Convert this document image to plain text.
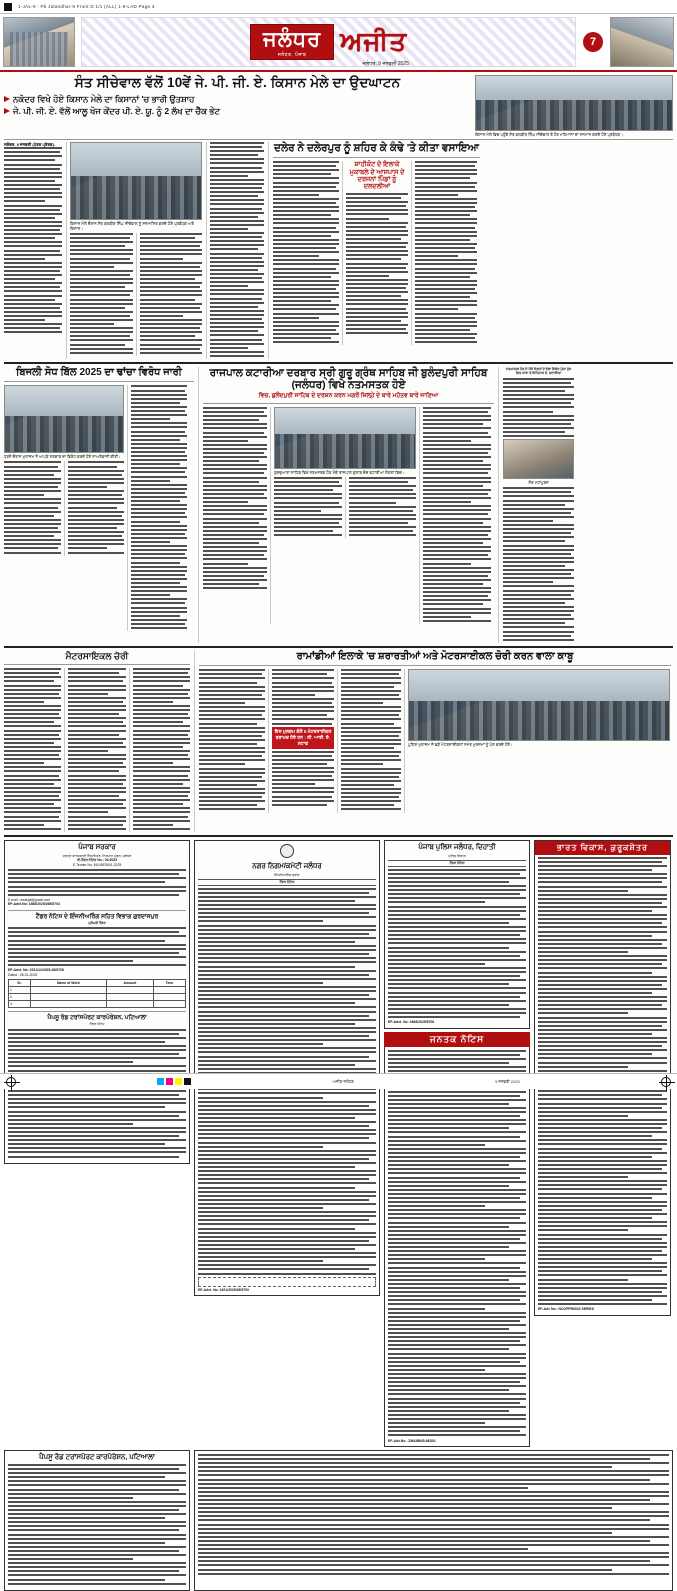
1-JAL-9 : Pb Jalandhar-9 Front D 1/1 (ALL) 1-9-LAD Page 3
ਜਲੰਧਰ
ਜਲੰਧਰ, ਪੰਜਾਬ	ਅਜੀਤ
ਜਲੰਧਰ, 9 ਜਨਵਰੀ 2025
7
ਸੰਤ ਸੀਚੇਵਾਲ ਵੱਲੋਂ 10ਵੇਂ ਜੇ. ਪੀ. ਜੀ. ਏ. ਕਿਸਾਨ ਮੇਲੇ ਦਾ ਉਦਘਾਟਨ
ਨਕੋਦਰ ਵਿਖੇ ਹੋਏ ਕਿਸਾਨ ਮੇਲੇ ਦਾ ਕਿਸਾਨਾਂ 'ਚ ਭਾਰੀ ਉਤਸ਼ਾਹ
ਜੇ. ਪੀ. ਜੀ. ਏ. ਵੱਲੋਂ ਆਲੂ ਖੋਜ ਕੇਂਦਰ ਪੀ. ਏ. ਯੂ. ਨੂੰ 2 ਲੱਖ ਦਾ ਚੈੱਕ ਭੇਟ
ਕਿਸਾਨ ਮੇਲੇ ਵਿਚ ਪਹੁੰਚੇ ਸੰਤ ਬਲਬੀਰ ਸਿੰਘ ਸੀਚੇਵਾਲ ਤੇ ਹੋਰ ਮਹਿਮਾਨਾਂ ਦਾ ਸਨਮਾਨ ਕਰਦੇ ਹੋਏ ਪ੍ਰਬੰਧਕ।
ਨਕੋਦਰ, 8 ਜਨਵਰੀ (ਪੱਤਰ ਪ੍ਰੇਰਕ)-
ਕਿਸਾਨ ਮੇਲੇ ਦੌਰਾਨ ਸੰਤ ਬਲਬੀਰ ਸਿੰਘ ਸੀਚੇਵਾਲ ਨੂੰ ਸਨਮਾਨਿਤ ਕਰਦੇ ਹੋਏ ਪ੍ਰਬੰਧਕ ਅਤੇ ਕਿਸਾਨ।
ਦਲੇਰ ਨੇ ਦਲੇਰਪੁਰ ਨੂੰ ਸ਼ਹਿਰ ਕੇ ਕੰਢੇ 'ਤੇ ਕੀਤਾ ਵਸਾਇਆ
ਸ਼ਾਹੀਕੋਟ ਦੇ ਇਲਾਕੇ ਮੁਕਾਬਲੇ ਦੇ ਆਸਪਾਸ ਦੇ ਦਰਜਨਾਂ ਪਿੰਡਾਂ ਨੂੰ ਦਲਦਲੀਆਂ
ਬਿਜਲੀ ਸੋਧ ਬਿੱਲ 2025 ਦਾ ਢਾਂਚਾ ਵਿਰੋਧ ਜਾਰੀ
ਧਰਨੇ ਦੌਰਾਨ ਮੁਲਾਜ਼ਮ ਨੇ ਆਪਣੇ ਸਰਕਾਰ ਦਾ ਵਿਰੋਧ ਕਰਦੇ ਹੋਏ ਨਾਅਰੇਬਾਜ਼ੀ ਕੀਤੀ।
ਰਾਜਪਾਲ ਕਟਾਰੀਆ ਦਰਬਾਰ ਸ੍ਰੀ ਗੁਰੂ ਗ੍ਰੰਥ ਸਾਹਿਬ ਜੀ ਬੁਲੰਦਪੁਰੀ ਸਾਹਿਬ (ਜਲੰਧਰ) ਵਿਖੇ ਨਤਮਸਤਕ ਹੋਏ
ਵਿਚ, ਬੁਲੰਦਪੁਰੀ ਸਾਹਿਬ ਦੇ ਦਰਸ਼ਨ ਕਰਨ ਮਗਰੋਂ ਜ਼ਿਲ੍ਹੇ ਦੇ ਬਾਰੇ ਮਹੱਤਵ ਬਾਰੇ ਜਾਣਿਆ
ਗੁਰਦੁਆਰਾ ਸਾਹਿਬ ਵਿਖੇ ਨਤਮਸਤਕ ਹੋਣ ਮੌਕੇ ਰਾਜਪਾਲ ਗੁਲਾਬ ਚੰਦ ਕਟਾਰੀਆ ਸੰਗਤਾਂ ਵਿਚ।
ਨਤਮਸਤਕ ਹੋਣ ਦੇ ਮੌਕੇ ਸੰਗਤਾਂ ਦੇ ਵੱਡਾ ਇਕੱਠ ਪੁੱਜਾ ਮੁੱਖ ਸਿਖ ਧਾਰਾ ਤੇ ਇਤਿਹਾਸ ਜੋ. ਕਟਾਰੀਆ
ਸੰਤ ਮਹਾਂਪੁਰਸ਼
ਮੈਟਰਸਾਇਕਲ ਚੋਰੀ	ਰਾਮਾਂਡੀਆਂ ਇਲਾਕੇ 'ਚ ਸ਼ਰਾਰਤੀਆਂ ਅਤੇ ਮੋਟਰਸਾਈਕਲ ਚੋਰੀ ਕਰਨ ਵਾਲਾ ਕਾਬੂ
ਇਸ ਮੁਲਜ਼ਮ ਕੋਲੋਂ 5 ਮੋਟਰਸਾਈਕਲ ਬਰਾਮਦ ਹੋਏ ਹਨ : ਸੀ. ਆਈ. ਏ. ਸਟਾਫ	ਪੁਲਿਸ ਮੁਲਾਜ਼ਮ ਨੇ ਫੜੇ ਮੋਟਰਸਾਈਕਲਾਂ ਸਮੇਤ ਮੁਲਜ਼ਮਾਂ ਨੂੰ ਪੇਸ਼ ਕਰਦੇ ਹੋਏ।
ਪੰਜਾਬ ਸਰਕਾਰ
ਦਫ਼ਤਰ ਕਾਰਜਕਾਰੀ ਇੰਜਨੀਅਰ, ਨਿਰਮਾਣ ਮੰਡਲ, ਜਲੰਧਰ
ਈ-ਟੈਂਡਰ ਨੋਟਿਸ No.: 01/2025
E-Tender No: MJLB/EB/01-2025
E-mail : eedbjal@gmail.com
EP-Advt.No: 1868/2025/265/5704
ਟੈਂਡਰ ਨੋਟਿਸ ਦੇ ਇੰਜਨੀਅਰਿੰਗ ਸਹਿਤ ਵਿਭਾਗ ਗੁਰਦਾਸਪੁਰ
ਮੁਰੰਮਤੀ ਟੈਂਡਰ
EP-Advt. No: 2231/12/2025-26/5708
Dated : 06-01-2025
Sr.	Name of Work	Amount	Time
1			
2			
3			
ਪੈਪਸੂ ਰੋਡ ਟਰਾਂਸਪੋਰਟ ਕਾਰਪੋਰੇਸ਼ਨ, ਪਟਿਆਲਾ
ਟੈਂਡਰ ਨੋਟਿਸ
ਨਗਰ ਨਿਗਮ/ਕਮੇਟੀ ਜਲੰਧਰ
ਇੰਜਨੀਅਰਿੰਗ ਬ੍ਰਾਂਚ
ਟੈਂਡਰ ਨੋਟਿਸ

EP-Advt. No: 1921/2025/26/5709
ਪੰਜਾਬ ਪੁਲਿਸ ਜਲੰਧਰ, ਦਿਹਾਤੀ
ਪੁਲਿਸ ਵਿਭਾਗ
ਟੈਂਡਰ ਨੋਟਿਸ
EP-Advt. No: 1868/2025/5706
ਜਨਤਕ ਨੋਟਿਸ
EP-Adv.No.: ZMAIB845-66D01
ਭਾਰਤ ਵਿਕਾਸ, ਕੁਰੂਕਸ਼ੇਤਰ
EP-Adv No.: NCOPPR0002 SERIES
ਪੈਪਸੂ ਰੋਡ ਟਰਾਂਸਪੋਰਟ ਕਾਰਪੋਰੇਸ਼ਨ, ਪਟਿਆਲਾ
ਅਜੀਤ ਜਲੰਧਰ	9 ਜਨਵਰੀ 2025
